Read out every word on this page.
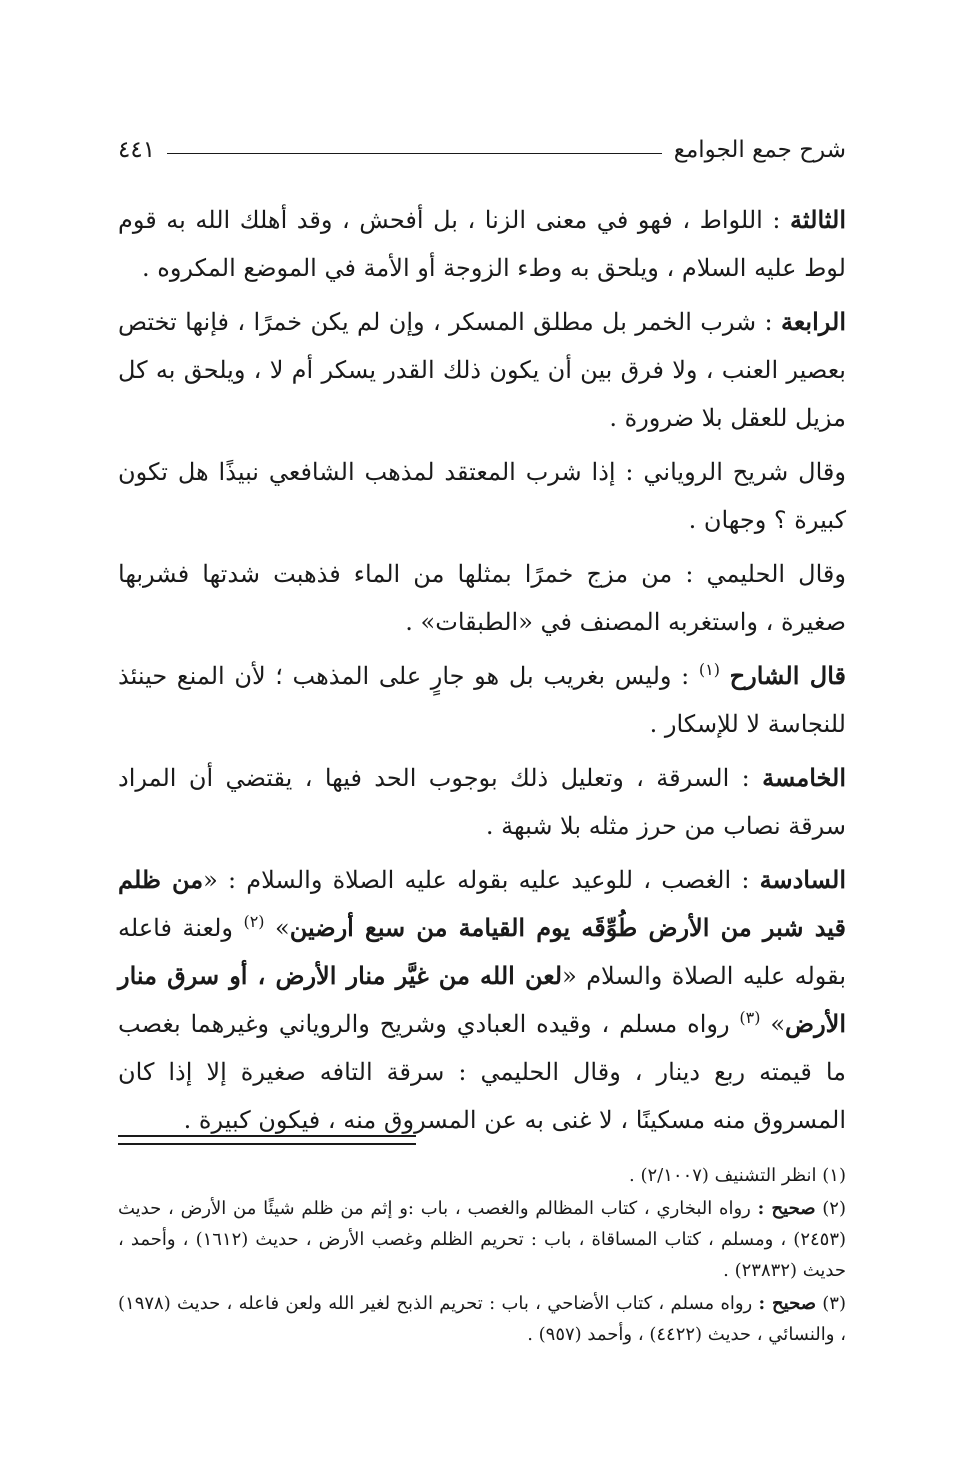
شرح جمع الجوامع
٤٤١

الثالثة : اللواط ، فهو في معنى الزنا ، بل أفحش ، وقد أهلك الله به قوم لوط عليه السلام ، ويلحق به وطء الزوجة أو الأمة في الموضع المكروه .

الرابعة : شرب الخمر بل مطلق المسكر ، وإن لم يكن خمرًا ، فإنها تختص بعصير العنب ، ولا فرق بين أن يكون ذلك القدر يسكر أم لا ، ويلحق به كل مزيل للعقل بلا ضرورة .

وقال شريح الروياني : إذا شرب المعتقد لمذهب الشافعي نبيذًا هل تكون كبيرة ؟ وجهان .

وقال الحليمي : من مزج خمرًا بمثلها من الماء فذهبت شدتها فشربها صغيرة ، واستغربه المصنف في «الطبقات» .

قال الشارح $^{(١)}$ : وليس بغريب بل هو جارٍ على المذهب ؛ لأن المنع حينئذ للنجاسة لا للإسكار .

الخامسة : السرقة ، وتعليل ذلك بوجوب الحد فيها ، يقتضي أن المراد سرقة نصاب من حرز مثله بلا شبهة .

السادسة : الغصب ، للوعيد عليه بقوله عليه الصلاة والسلام : «من ظلم قيد شبر من الأرض طُوِّقَه يوم القيامة من سبع أرضين» $^{(٢)}$ ولعنة فاعله بقوله عليه الصلاة والسلام «لعن الله من غيَّر منار الأرض ، أو سرق منار الأرض» $^{(٣)}$ رواه مسلم ، وقيده العبادي وشريح والروياني وغيرهما بغصب ما قيمته ربع دينار ، وقال الحليمي : سرقة التافه صغيرة إلا إذا كان المسروق منه مسكينًا ، لا غنى به عن المسروق منه ، فيكون كبيرة .

(١) انظر التشنيف (٢/١٠٠٧) .

(٢) صحيح : رواه البخاري ، كتاب المظالم والغصب ، باب :و إثم من ظلم شيئًا من الأرض ، حديث (٢٤٥٣) ، ومسلم ، كتاب المساقاة ، باب : تحريم الظلم وغصب الأرض ، حديث (١٦١٢) ، وأحمد ، حديث (٢٣٨٣٢) .

(٣) صحيح : رواه مسلم ، كتاب الأضاحي ، باب : تحريم الذبح لغير الله ولعن فاعله ، حديث (١٩٧٨) ، والنسائي ، حديث (٤٤٢٢) ، وأحمد (٩٥٧) .
